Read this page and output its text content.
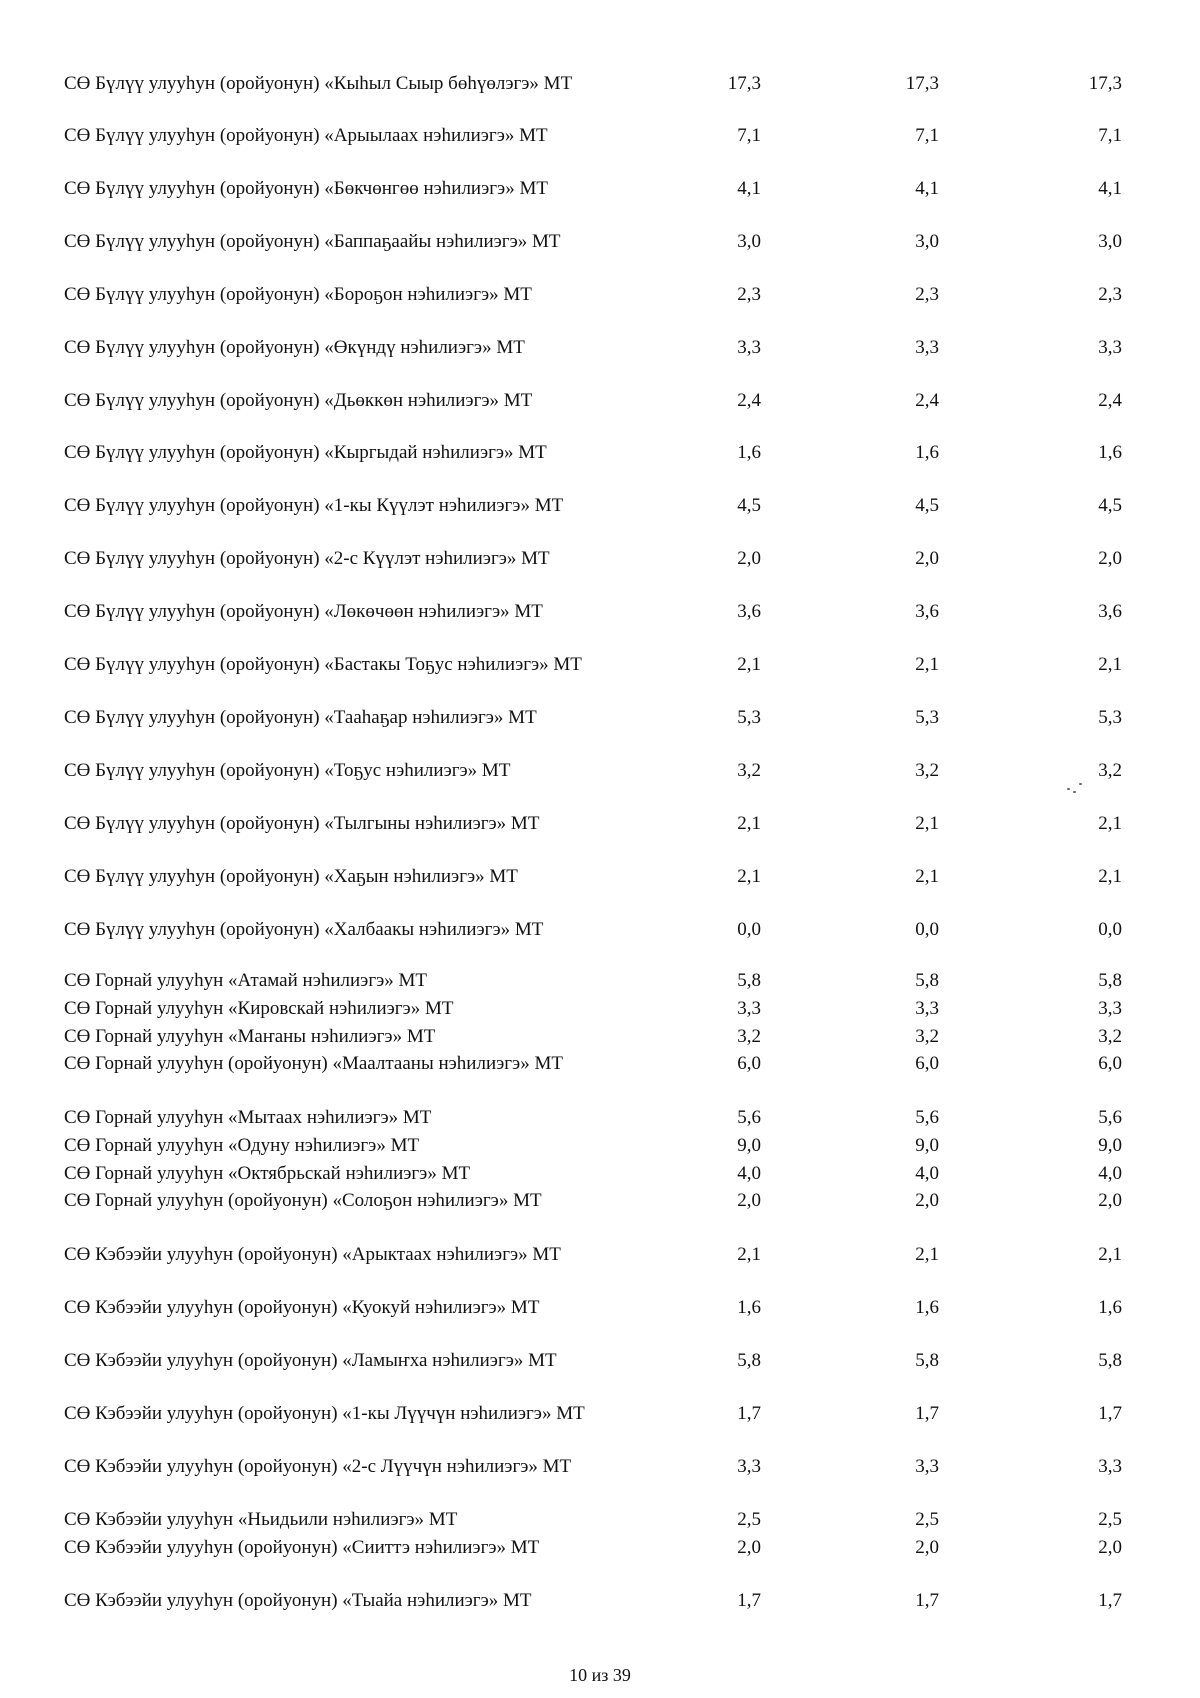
СӨ Бүлүү улууһун (оройуонун) «Кыһыл Сыыр бөһүөлэгэ» МТ	17,3	17,3	17,3
СӨ Бүлүү улууһун (оройуонун) «Арыылаах нэһилиэгэ» МТ	7,1	7,1	7,1
СӨ Бүлүү улууһун (оройуонун) «Бөкчөнгөө нэһилиэгэ» МТ	4,1	4,1	4,1
СӨ Бүлүү улууһун (оройуонун) «Баппаҕаайы нэһилиэгэ» МТ	3,0	3,0	3,0
СӨ Бүлүү улууһун (оройуонун) «Бороҕон нэһилиэгэ» МТ	2,3	2,3	2,3
СӨ Бүлүү улууһун (оройуонун) «Өкүндү нэһилиэгэ» МТ	3,3	3,3	3,3
СӨ Бүлүү улууһун (оройуонун) «Дьөккөн нэһилиэгэ» МТ	2,4	2,4	2,4
СӨ Бүлүү улууһун (оройуонун) «Кыргыдай нэһилиэгэ» МТ	1,6	1,6	1,6
СӨ Бүлүү улууһун (оройуонун) «1-кы Күүлэт нэһилиэгэ» МТ	4,5	4,5	4,5
СӨ Бүлүү улууһун (оройуонун) «2-с Күүлэт нэһилиэгэ» МТ	2,0	2,0	2,0
СӨ Бүлүү улууһун (оройуонун) «Лөкөчөөн нэһилиэгэ» МТ	3,6	3,6	3,6
СӨ Бүлүү улууһун (оройуонун) «Бастакы Тоҕус нэһилиэгэ» МТ	2,1	2,1	2,1
СӨ Бүлүү улууһун (оройуонун) «Тааһаҕар нэһилиэгэ» МТ	5,3	5,3	5,3
СӨ Бүлүү улууһун (оройуонун) «Тоҕус нэһилиэгэ» МТ	3,2	3,2	3,2
СӨ Бүлүү улууһун (оройуонун) «Тылгыны нэһилиэгэ» МТ	2,1	2,1	2,1
СӨ Бүлүү улууһун (оройуонун) «Хаҕын нэһилиэгэ» МТ	2,1	2,1	2,1
СӨ Бүлүү улууһун (оройуонун) «Халбаакы нэһилиэгэ» МТ	0,0	0,0	0,0
СӨ Горнай улууһун «Атамай нэһилиэгэ» МТ	5,8	5,8	5,8
СӨ Горнай улууһун «Кировскай нэһилиэгэ» МТ	3,3	3,3	3,3
СӨ Горнай улууһун «Маҥаны нэһилиэгэ» МТ	3,2	3,2	3,2
СӨ Горнай улууһун (оройуонун) «Маалтааны нэһилиэгэ» МТ	6,0	6,0	6,0
СӨ Горнай улууһун «Мытаах нэһилиэгэ» МТ	5,6	5,6	5,6
СӨ Горнай улууһун «Одуну нэһилиэгэ» МТ	9,0	9,0	9,0
СӨ Горнай улууһун «Октябрьскай нэһилиэгэ» МТ	4,0	4,0	4,0
СӨ Горнай улууһун (оройуонун) «Солоҕон нэһилиэгэ» МТ	2,0	2,0	2,0
СӨ Кэбээйи улууһун (оройуонун) «Арыктаах нэһилиэгэ» МТ	2,1	2,1	2,1
СӨ Кэбээйи улууһун (оройуонун) «Куокуй нэһилиэгэ» МТ	1,6	1,6	1,6
СӨ Кэбээйи улууһун (оройуонун) «Ламыҥха нэһилиэгэ» МТ	5,8	5,8	5,8
СӨ Кэбээйи улууһун (оройуонун) «1-кы Лүүчүн нэһилиэгэ» МТ	1,7	1,7	1,7
СӨ Кэбээйи улууһун (оройуонун) «2-с Лүүчүн нэһилиэгэ» МТ	3,3	3,3	3,3
СӨ Кэбээйи улууһун «Ньидьили нэһилиэгэ» МТ	2,5	2,5	2,5
СӨ Кэбээйи улууһун (оройуонун) «Сииттэ нэһилиэгэ» МТ	2,0	2,0	2,0
СӨ Кэбээйи улууһун (оройуонун) «Тыайа нэһилиэгэ» МТ	1,7	1,7	1,7
10 из 39
